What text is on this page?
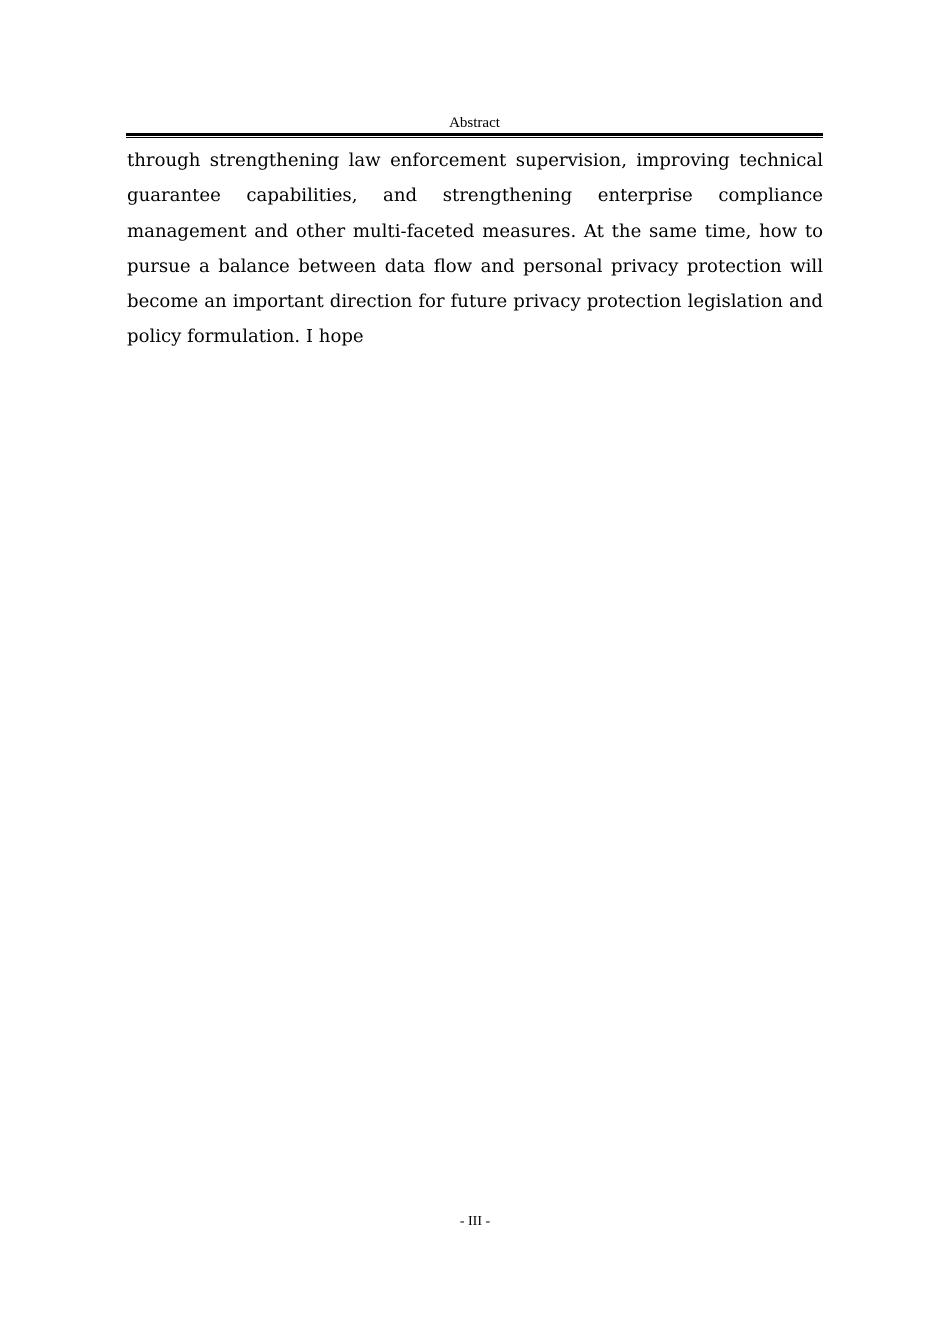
Abstract

through strengthening law enforcement supervision, improving technical guarantee capabilities, and strengthening enterprise compliance management and other multi-faceted measures. At the same time, how to pursue a balance between data flow and personal privacy protection will become an important direction for future privacy protection legislation and policy formulation. I hope

- III -
